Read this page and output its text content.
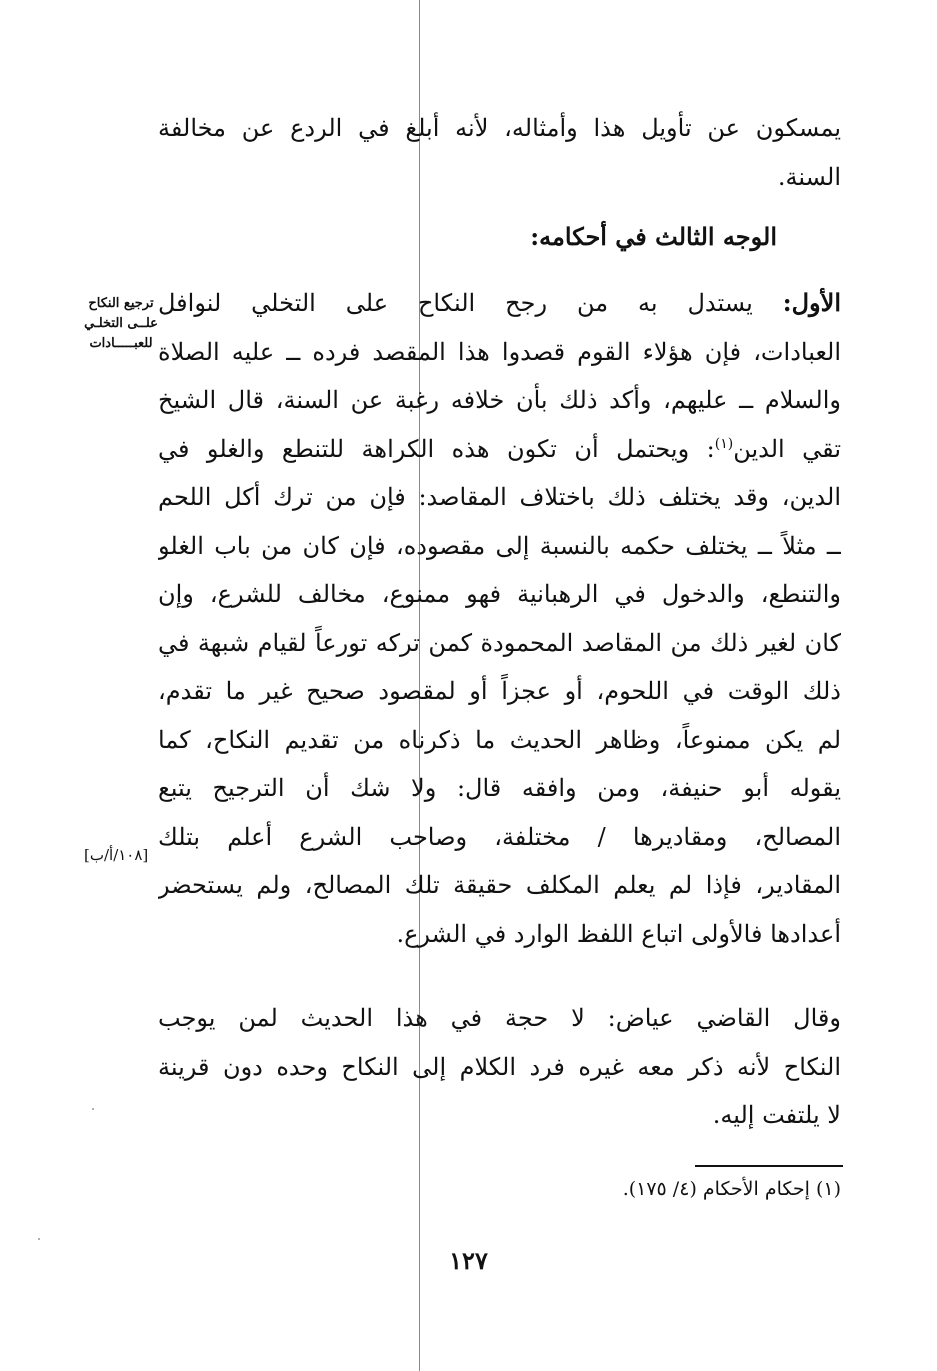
يمسكون عن تأويل هذا وأمثاله، لأنه أبلغ في الردع عن مخالفة
السنة.
الوجه الثالث في أحكامه:
الأول: يستدل به من رجح النكاح على التخلي لنوافل
العبادات، فإن هؤلاء القوم قصدوا هذا المقصد فرده ــ عليه الصلاة
والسلام ــ عليهم، وأكد ذلك بأن خلافه رغبة عن السنة، قال الشيخ
تقي الدين$^{(١)}$: ويحتمل أن تكون هذه الكراهة للتنطع والغلو في
الدين، وقد يختلف ذلك باختلاف المقاصد: فإن من ترك أكل اللحم
ــ مثلاً ــ يختلف حكمه بالنسبة إلى مقصوده، فإن كان من باب الغلو
والتنطع، والدخول في الرهبانية فهو ممنوع، مخالف للشرع، وإن
كان لغير ذلك من المقاصد المحمودة كمن تركه تورعاً لقيام شبهة في
ذلك الوقت في اللحوم، أو عجزاً أو لمقصود صحيح غير ما تقدم،
لم يكن ممنوعاً، وظاهر الحديث ما ذكرناه من تقديم النكاح، كما
يقوله أبو حنيفة، ومن وافقه قال: ولا شك أن الترجيح يتبع
المصالح، ومقاديرها / مختلفة، وصاحب الشرع أعلم بتلك
المقادير، فإذا لم يعلم المكلف حقيقة تلك المصالح، ولم يستحضر
أعدادها فالأولى اتباع اللفظ الوارد في الشرع.
وقال القاضي عياض: لا حجة في هذا الحديث لمن يوجب
النكاح لأنه ذكر معه غيره فرد الكلام إلى النكاح وحده دون قرينة
لا يلتفت إليه.
ترجيع النكاح
علــى التخلـي
للعبـــــادات
[١٠٨/أ/ب]
(١) إحكام الأحكام (٤/ ١٧٥).
١٢٧
